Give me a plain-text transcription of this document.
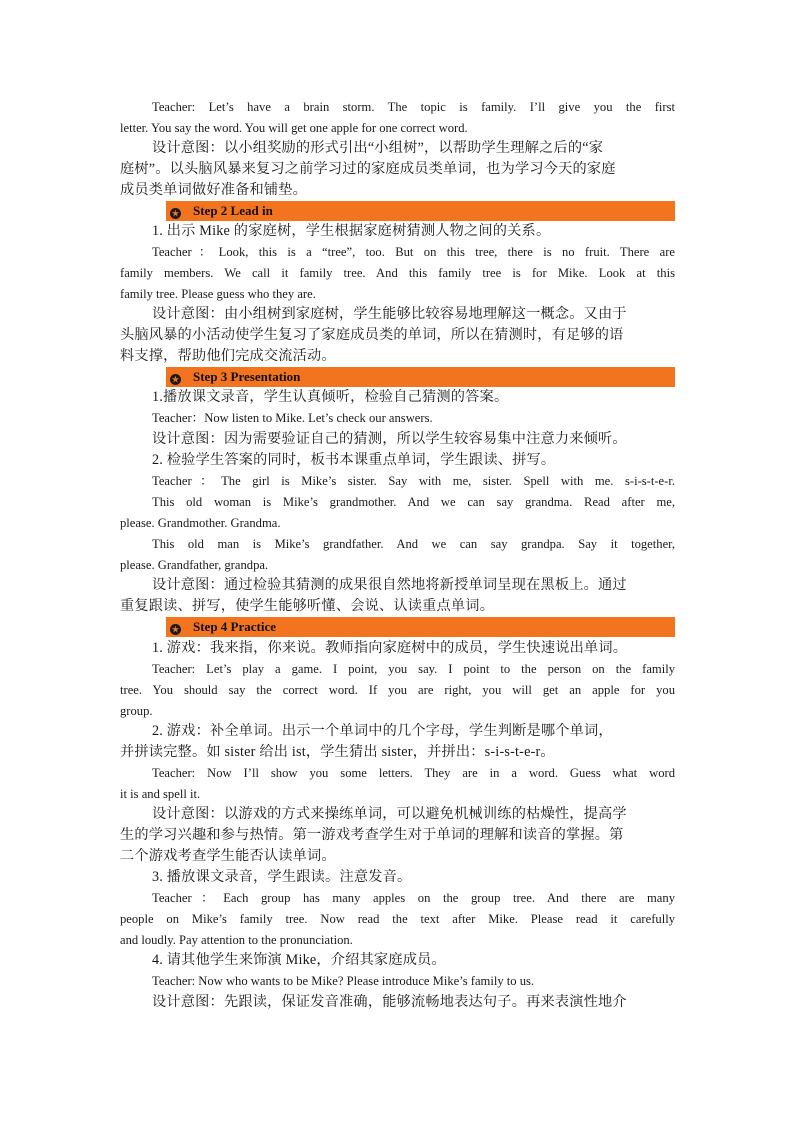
Teacher: Let’s have a brain storm. The topic is family. I’ll give you the first
letter. You say the word. You will get one apple for one correct word.
设计意图：以小组奖励的形式引出“小组树”，以帮助学生理解之后的“家
庭树”。以头脑风暴来复习之前学习过的家庭成员类单词，也为学习今天的家庭
成员类单词做好准备和铺垫。
★ Step 2 Lead in
1. 出示 Mike 的家庭树，学生根据家庭树猜测人物之间的关系。
Teacher：Look, this is a “tree”, too. But on this tree, there is no fruit. There are
family members. We call it family tree. And this family tree is for Mike. Look at this
family tree. Please guess who they are.
设计意图：由小组树到家庭树，学生能够比较容易地理解这一概念。又由于
头脑风暴的小活动使学生复习了家庭成员类的单词，所以在猜测时，有足够的语
料支撑，帮助他们完成交流活动。
★ Step 3 Presentation
1.播放课文录音，学生认真倾听，检验自己猜测的答案。
Teacher：Now listen to Mike. Let’s check our answers.
设计意图：因为需要验证自己的猜测，所以学生较容易集中注意力来倾听。
2. 检验学生答案的同时，板书本课重点单词，学生跟读、拼写。
Teacher：The girl is Mike’s sister. Say with me, sister. Spell with me. s-i-s-t-e-r.
This old woman is Mike’s grandmother. And we can say grandma. Read after me,
please. Grandmother. Grandma.
This old man is Mike’s grandfather. And we can say grandpa. Say it together,
please. Grandfather, grandpa.
设计意图：通过检验其猜测的成果很自然地将新授单词呈现在黑板上。通过
重复跟读、拼写，使学生能够听懂、会说、认读重点单词。
★ Step 4 Practice
1. 游戏：我来指，你来说。教师指向家庭树中的成员，学生快速说出单词。
Teacher: Let’s play a game. I point, you say. I point to the person on the family
tree. You should say the correct word. If you are right, you will get an apple for you
group.
2. 游戏：补全单词。出示一个单词中的几个字母，学生判断是哪个单词，
并拼读完整。如 sister 给出 ist，学生猜出 sister，并拼出：s-i-s-t-e-r。
Teacher: Now I’ll show you some letters. They are in a word. Guess what word
it is and spell it.
设计意图：以游戏的方式来操练单词，可以避免机械训练的枯燥性，提高学
生的学习兴趣和参与热情。第一游戏考查学生对于单词的理解和读音的掌握。第
二个游戏考查学生能否认读单词。
3. 播放课文录音，学生跟读。注意发音。
Teacher：Each group has many apples on the group tree. And there are many
people on Mike’s family tree. Now read the text after Mike. Please read it carefully
and loudly. Pay attention to the pronunciation.
4. 请其他学生来饰演 Mike，介绍其家庭成员。
Teacher: Now who wants to be Mike? Please introduce Mike’s family to us.
设计意图：先跟读，保证发音准确，能够流畅地表达句子。再来表演性地介
